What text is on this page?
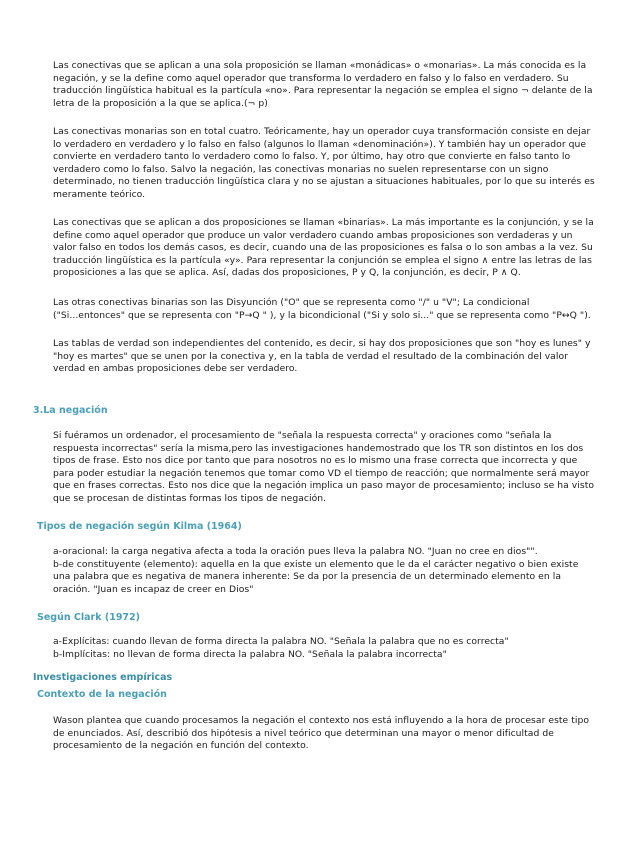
Las conectivas que se aplican a una sola proposición se llaman «monádicas» o «monarias». La más conocida es la negación, y se la define como aquel operador que transforma lo verdadero en falso y lo falso en verdadero. Su traducción lingüística habitual es la partícula «no». Para representar la negación se emplea el signo ¬ delante de la letra de la proposición a la que se aplica.(¬ p)

Las conectivas monarias son en total cuatro. Teóricamente, hay un operador cuya transformación consiste en dejar lo verdadero en verdadero y lo falso en falso (algunos lo llaman «denominación»). Y también hay un operador que convierte en verdadero tanto lo verdadero como lo falso. Y, por último, hay otro que convierte en falso tanto lo verdadero como lo falso. Salvo la negación, las conectivas monarias no suelen representarse con un signo determinado, no tienen traducción lingüística clara y no se ajustan a situaciones habituales, por lo que su interés es meramente teórico.

Las conectivas que se aplican a dos proposiciones se llaman «binarias». La más importante es la conjunción, y se la define como aquel operador que produce un valor verdadero cuando ambas proposiciones son verdaderas y un valor falso en todos los demás casos, es decir, cuando una de las proposiciones es falsa o lo son ambas a la vez. Su traducción lingüística es la partícula «y». Para representar la conjunción se emplea el signo ∧ entre las letras de las proposiciones a las que se aplica. Así, dadas dos proposiciones, P y Q, la conjunción, es decir, P ∧ Q.

Las otras conectivas binarias son las Disyunción ("O" que se representa como "/" u "V"; La condicional ("Si...entonces" que se representa con "P→Q " ), y la bicondicional ("Si y solo si..." que se representa como "P↔Q ").

Las tablas de verdad son independientes del contenido, es decir, si hay dos proposiciones que son "hoy es lunes" y "hoy es martes" que se unen por la conectiva y, en la tabla de verdad el resultado de la combinación del valor verdad en ambas proposiciones debe ser verdadero.

3.La negación

Si fuéramos un ordenador, el procesamiento de "señala la respuesta correcta" y oraciones como "señala la respuesta incorrectas" sería la misma,pero las investigaciones handemostrado que los TR son distintos en los dos tipos de frase. Esto nos dice por tanto que para nosotros no es lo mismo una frase correcta que incorrecta y que para poder estudiar la negación tenemos que tomar como VD el tiempo de reacción; que normalmente será mayor que en frases correctas. Esto nos dice que la negación implica un paso mayor de procesamiento; incluso se ha visto que se procesan de distintas formas los tipos de negación.

Tipos de negación según Kilma (1964)
a-oracional: la carga negativa afecta a toda la oración pues lleva la palabra NO. "Juan no cree en dios"".
b-de constituyente (elemento): aquella en la que existe un elemento que le da el carácter negativo o bien existe una palabra que es negativa de manera inherente: Se da por la presencia de un determinado elemento en la oración. "Juan es incapaz de creer en Dios"
Según Clark (1972)
a-Explícitas: cuando llevan de forma directa la palabra NO. "Señala la palabra que no es correcta"
b-Implícitas: no llevan de forma directa la palabra NO. "Señala la palabra incorrecta"
Investigaciones empíricas
Contexto de la negación

Wason plantea que cuando procesamos la negación el contexto nos está influyendo a la hora de procesar este tipo de enunciados. Así, describió dos hipótesis a nivel teórico que determinan una mayor o menor dificultad de procesamiento de la negación en función del contexto.
